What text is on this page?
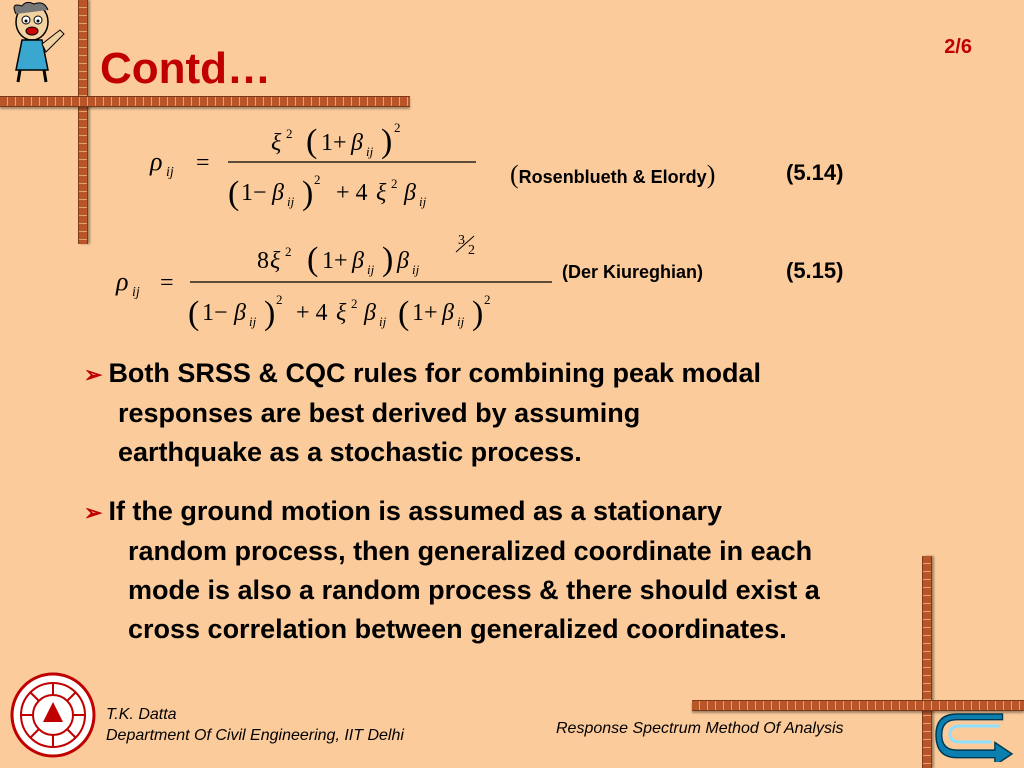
Contd…	2/6
ρ ij =
ξ 2 ( 1+ β ij ) 2
( 1− β ij ) 2
+ 4 ξ 2 β ij
(Rosenblueth & Elordy)	(5.14)
ρ ij =
8 ξ 2 ( 1+ β ij ) β ij
3
2
( 1− β ij ) 2
+ 4 ξ 2 β ij ( 1+ β ij ) 2
(Der Kiureghian)	(5.15)
➢ Both SRSS & CQC rules for combining peak modal
responses are best derived by assuming earthquake as a stochastic process.
➢ If the ground motion is assumed as a stationary
random process, then generalized coordinate in each mode is also a random process & there should exist a cross correlation between generalized coordinates.
T.K. Datta
Department Of Civil Engineering, IIT Delhi	Response Spectrum Method Of Analysis
